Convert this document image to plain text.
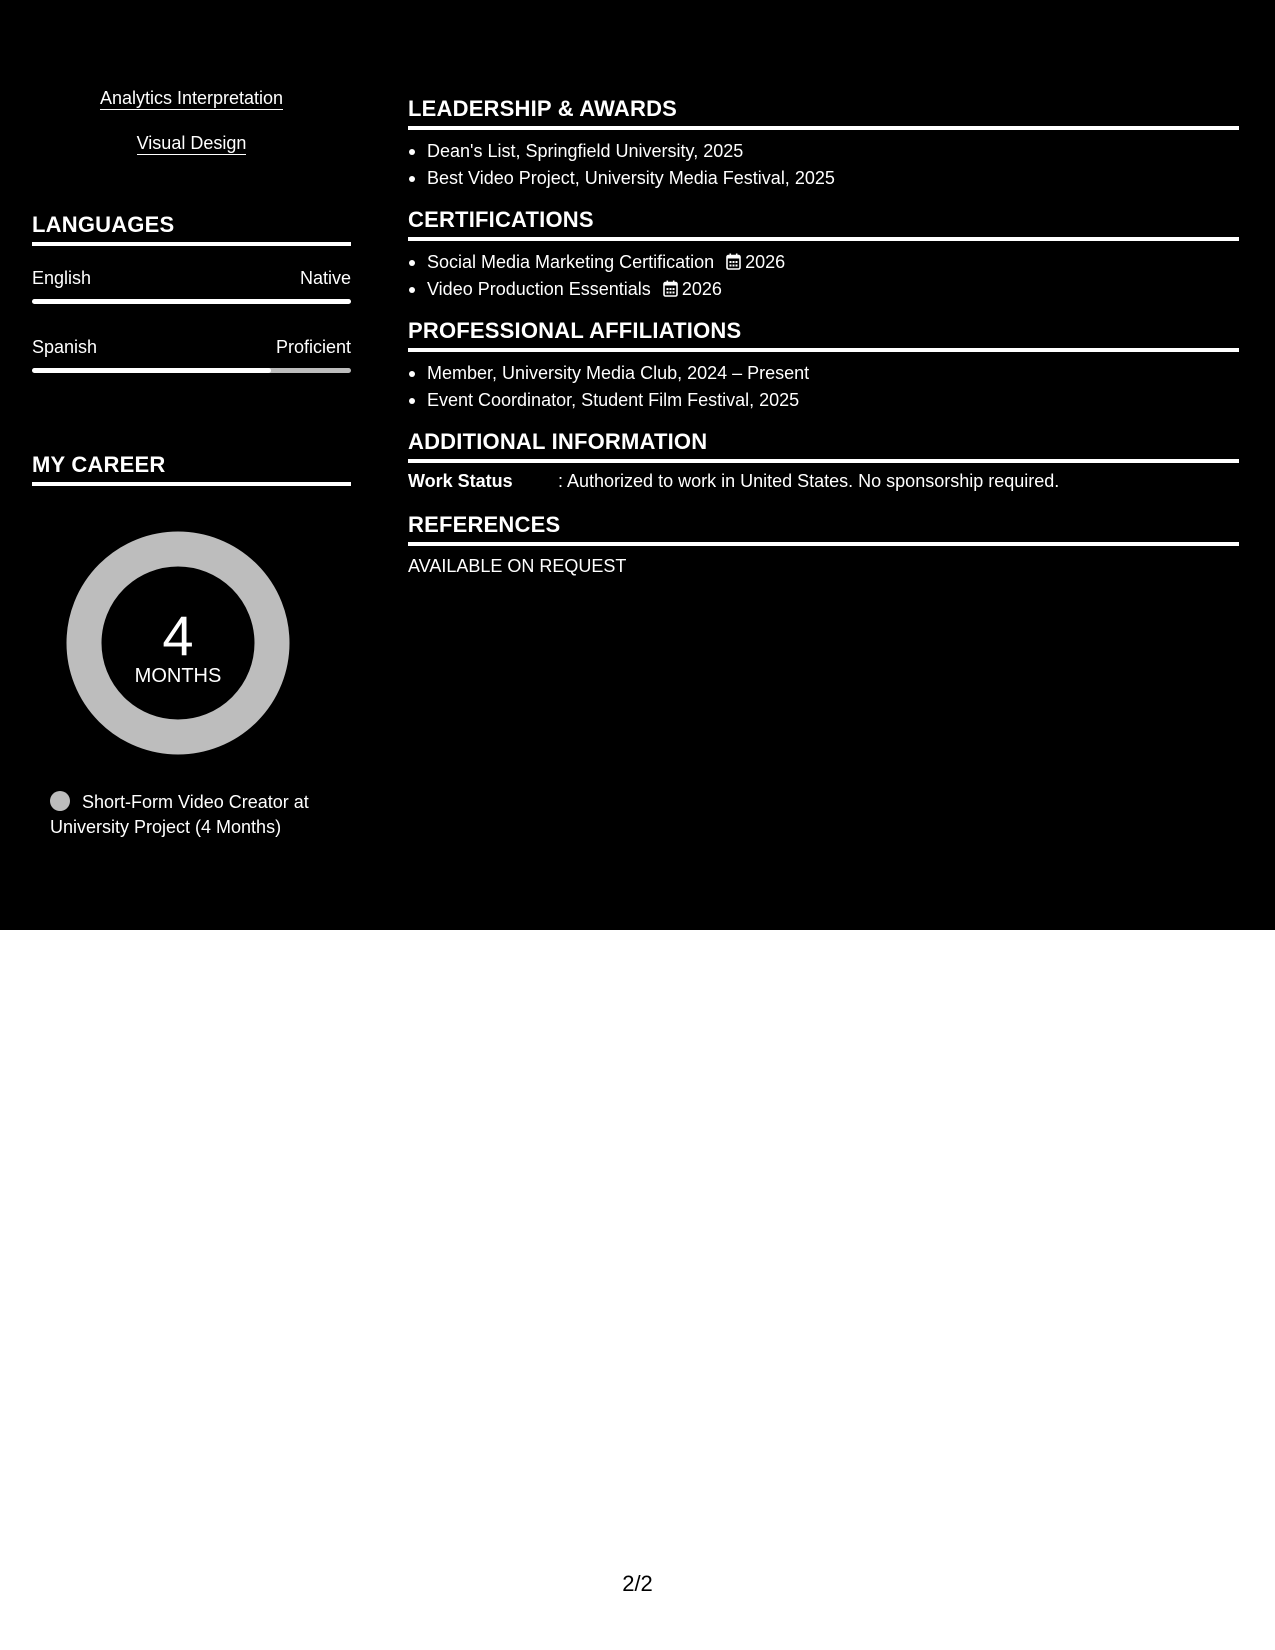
Analytics Interpretation
Visual Design
LANGUAGES
English	Native
Spanish	Proficient
MY CAREER
4
MONTHS
Short-Form Video Creator at University Project (4 Months)
LEADERSHIP & AWARDS
Dean's List, Springfield University, 2025
Best Video Project, University Media Festival, 2025
CERTIFICATIONS
Social Media Marketing Certification 2026
Video Production Essentials 2026
PROFESSIONAL AFFILIATIONS
Member, University Media Club, 2024 – Present
Event Coordinator, Student Film Festival, 2025
ADDITIONAL INFORMATION
Work Status	: Authorized to work in United States. No sponsorship required.
REFERENCES
AVAILABLE ON REQUEST
2/2
